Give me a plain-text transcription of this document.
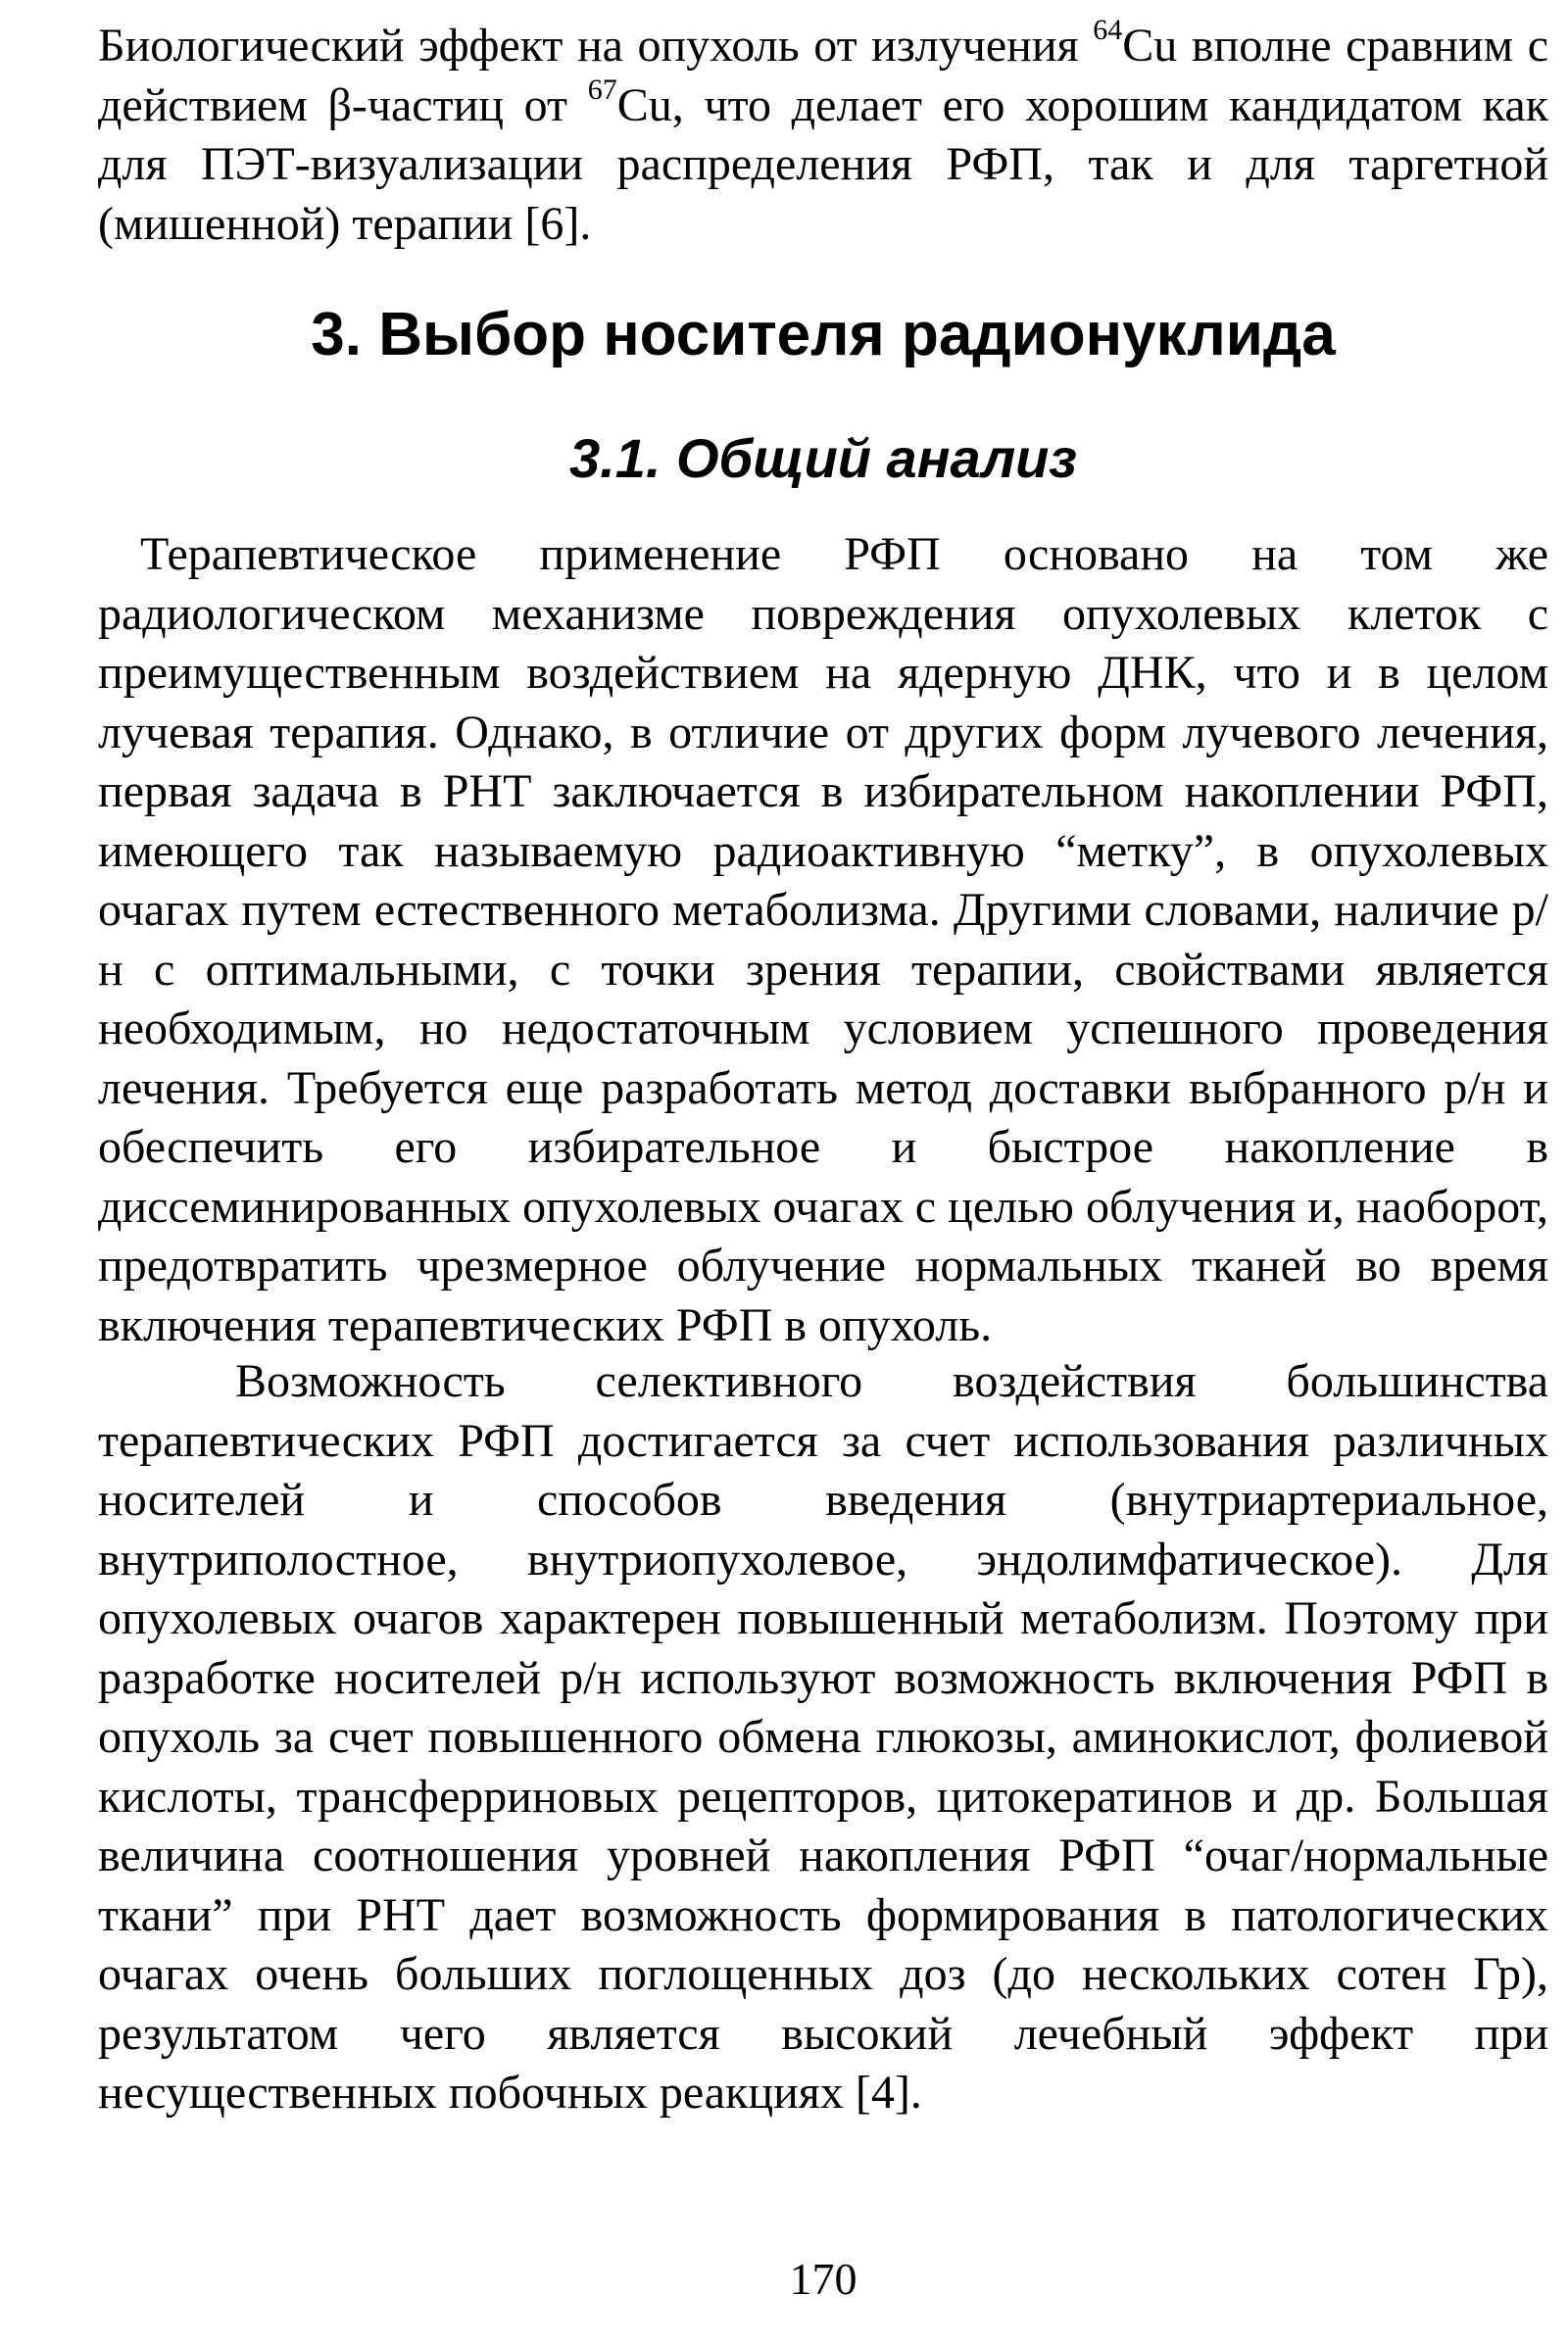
Биологический эффект на опухоль от излучения $^{64}$Cu вполне сравним с действием β-частиц от $^{67}$Cu, что делает его хорошим кандидатом как для ПЭТ-визуализации распределения РФП, так и для таргетной (мишенной) терапии [6].

3. Выбор носителя радионуклида
3.1. Общий анализ

Терапевтическое применение РФП основано на том же радиологическом механизме повреждения опухолевых клеток с преимущественным воздействием на ядерную ДНК, что и в целом лучевая терапия. Однако, в отличие от других форм лучевого лечения, первая задача в РНТ заключается в избирательном накоплении РФП, имеющего так называемую радиоактивную “метку”, в опухолевых очагах путем естественного метаболизма. Другими словами, наличие р/н с оптимальными, с точки зрения терапии, свойствами является необходимым, но недостаточным условием успешного проведения лечения. Требуется еще разработать метод доставки выбранного р/н и обеспечить его избирательное и быстрое накопление в диссеминированных опухолевых очагах с целью облучения и, наоборот, предотвратить чрезмерное облучение нормальных тканей во время включения терапевтических РФП в опухоль.

Возможность селективного воздействия большинства терапевтических РФП достигается за счет использования различных носителей и способов введения (внутриартериальное, внутриполостное, внутриопухолевое, эндолимфатическое). Для опухолевых очагов характерен повышенный метаболизм. Поэтому при разработке носителей р/н используют возможность включения РФП в опухоль за счет повышенного обмена глюкозы, аминокислот, фолиевой кислоты, трансферриновых рецепторов, цитокератинов и др. Большая величина соотношения уровней накопления РФП “очаг/нормальные ткани” при РНТ дает возможность формирования в патологических очагах очень больших поглощенных доз (до нескольких сотен Гр), результатом чего является высокий лечебный эффект при несущественных побочных реакциях [4].

170
